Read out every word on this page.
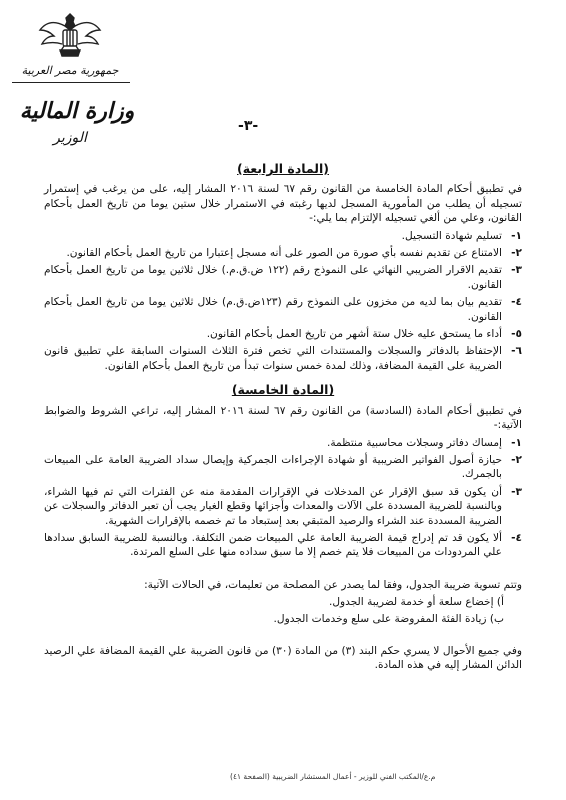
جمهورية مصر العربية
وزارة المالية
الوزير
-٣-
(المادة الرابعة)

في تطبيق أحكام المادة الخامسة من القانون رقم ٦٧ لسنة ٢٠١٦ المشار إليه، على من يرغب في إستمرار تسجيله أن يطلب من المأمورية المسجل لديها رغبته في الاستمرار خلال ستين يوما من تاريخ العمل بأحكام القانون، وعلي من ألغي تسجيله الإلتزام بما يلي:-

١-
تسليم شهادة التسجيل.
٢-
الامتناع عن تقديم نفسه بأي صورة من الصور على أنه مسجل إعتبارا من تاريخ العمل بأحكام القانون.
٣-
تقديم الاقرار الضريبي النهائي على النموذج رقم (١٢٢ ض.ق.م.) خلال ثلاثين يوما من تاريخ العمل بأحكام القانون.
٤-
تقديم بيان بما لديه من مخزون على النموذج رقم (١٢٣ض.ق.م) خلال ثلاثين يوما من تاريخ العمل بأحكام القانون.
٥-
أداء ما يستحق عليه خلال ستة أشهر من تاريخ العمل بأحكام القانون.
٦-
الإحتفاظ بالدفاتر والسجلات والمستندات التي تخص فترة الثلاث السنوات السابقة علي تطبيق قانون الضريبة على القيمة المضافة، وذلك لمدة خمس سنوات تبدأ من تاريخ العمل بأحكام القانون.
(المادة الخامسة)

في تطبيق أحكام المادة (السادسة) من القانون رقم ٦٧ لسنة ٢٠١٦ المشار إليه، تراعي الشروط والضوابط الآتية:-

١-
إمساك دفاتر وسجلات محاسبية منتظمة.
٢-
حيازة أصول الفواتير الضريبية أو شهادة الإجراءات الجمركية وإيصال سداد الضريبة العامة على المبيعات بالجمرك.
٣-
أن يكون قد سبق الإقرار عن المدخلات في الإقرارات المقدمة منه عن الفترات التي تم فيها الشراء، وبالنسبة للضريبة المسددة على الآلات والمعدات وأجزائها وقطع الغيار يجب أن تعبر الدفاتر والسجلات عن الضريبة المسددة عند الشراء والرصيد المتبقي بعد إستبعاد ما تم خصمه بالإقرارات الشهرية.
٤-
ألا يكون قد تم إدراج قيمة الضريبة العامة علي المبيعات ضمن التكلفة. وبالنسبة للضريبة السابق سدادها علي المردودات من المبيعات فلا يتم خصم إلا ما سبق سداده منها على السلع المرتدة.

وتتم تسوية ضريبة الجدول، وفقا لما يصدر عن المصلحة من تعليمات، في الحالات الآتية:

أ) إخضاع سلعة أو خدمة لضريبة الجدول.
ب) زيادة الفئة المفروضة على سلع وخدمات الجدول.

وفي جميع الأحوال لا يسري حكم البند (٣) من المادة (٣٠) من قانون الضريبة علي القيمة المضافة علي الرصيد الدائن المشار إليه في هذه المادة.

م.ع/المكتب الفني للوزير - أعمال المستشار الضريبية (الصفحة ٤١)
